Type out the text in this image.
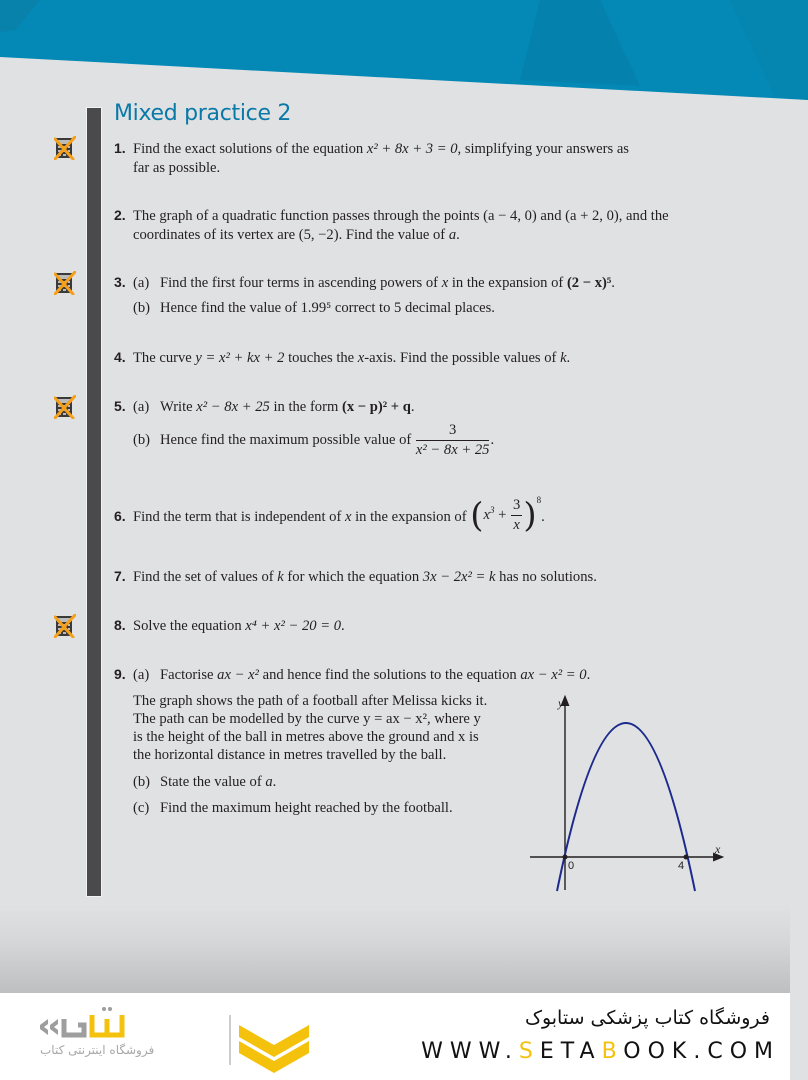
Mixed practice 2
1. Find the exact solutions of the equation x² + 8x + 3 = 0, simplifying your answers as
far as possible.
2. The graph of a quadratic function passes through the points (a − 4, 0) and (a + 2, 0), and the
coordinates of its vertex are (5, −2). Find the value of a.
3. (a) Find the first four terms in ascending powers of x in the expansion of (2 − x)⁵.
(b) Hence find the value of 1.99⁵ correct to 5 decimal places.
4. The curve y = x² + kx + 2 touches the x-axis. Find the possible values of k.
5. (a) Write x² − 8x + 25 in the form (x − p)² + q.
(b) Hence find the maximum possible value of $\frac{3}{\text{x² − 8x + 25}}$ .
6. Find the term that is independent of x in the expansion of $(x^3 + \frac{3}{x} )^8$.
7. Find the set of values of k for which the equation 3x − 2x² = k has no solutions.
8. Solve the equation x⁴ + x² − 20 = 0.
9. (a) Factorise ax − x² and hence find the solutions to the equation ax − x² = 0.
The graph shows the path of a football after Melissa kicks it.
The path can be modelled by the curve y = ax − x², where y
is the height of the ball in metres above the ground and x is
the horizontal distance in metres travelled by the ball.
(b) State the value of a.
(c) Find the maximum height reached by the football.
y
x
0	4
فروشگاه اینترنتی کتاب
فروشگاه کتاب پزشکی ستابوک
WWW.SETABOOK.COM
